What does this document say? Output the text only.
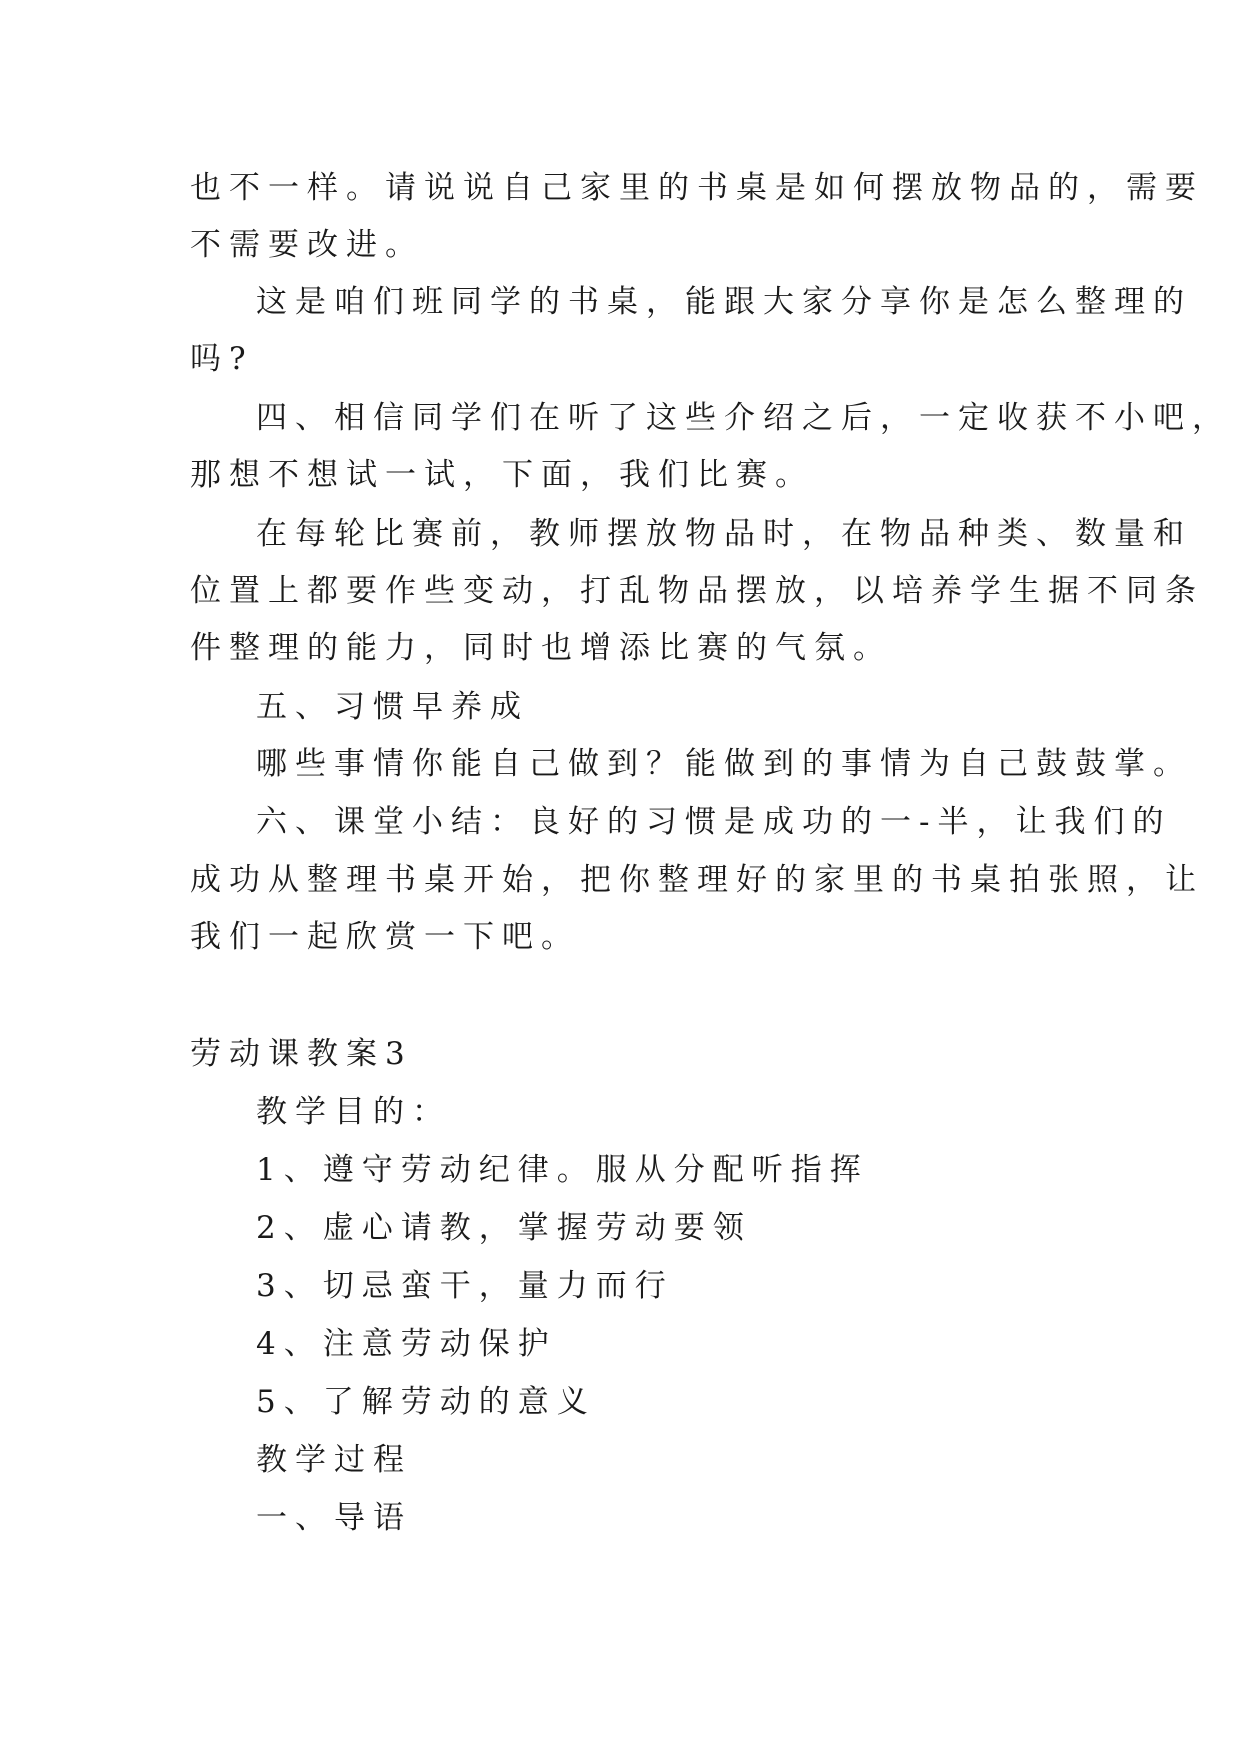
也不一样。请说说自己家里的书桌是如何摆放物品的，需要
不需要改进。
这是咱们班同学的书桌，能跟大家分享你是怎么整理的
吗?
四、相信同学们在听了这些介绍之后，一定收获不小吧，
那想不想试一试，下面，我们比赛。
在每轮比赛前，教师摆放物品时，在物品种类、数量和
位置上都要作些变动，打乱物品摆放，以培养学生据不同条
件整理的能力，同时也增添比赛的气氛。
五、习惯早养成
哪些事情你能自己做到？能做到的事情为自己鼓鼓掌。
六、课堂小结：良好的习惯是成功的一-半，让我们的
成功从整理书桌开始，把你整理好的家里的书桌拍张照，让
我们一起欣赏一下吧。
劳动课教案3
教学目的：
1、遵守劳动纪律。服从分配听指挥
2、虚心请教，掌握劳动要领
3、切忌蛮干，量力而行
4、注意劳动保护
5、了解劳动的意义
教学过程
一、导语
